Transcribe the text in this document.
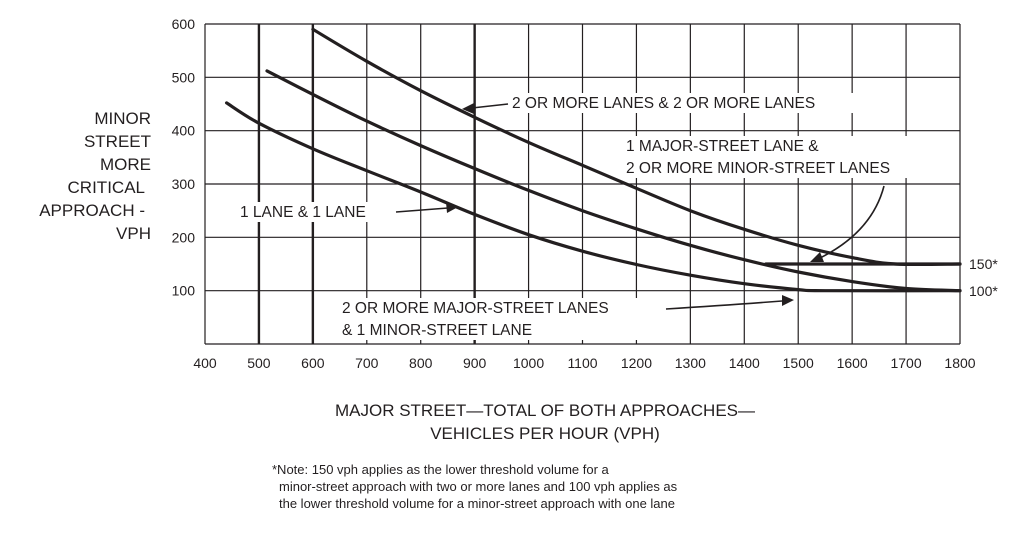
400 500 600 700 800 900 1000 1100 1200 1300 1400 1500 1600 1700 1800
100
200
300
400
500
600
MINOR
STREET
MORE
CRITICAL
APPROACH -
VPH
MAJOR STREET—TOTAL OF BOTH APPROACHES—
VEHICLES PER HOUR (VPH)
2 OR MORE LANES & 2 OR MORE LANES
1 MAJOR-STREET LANE &
2 OR MORE MINOR-STREET LANES
1 LANE & 1 LANE
2 OR MORE MAJOR-STREET LANES
& 1 MINOR-STREET LANE
150*
100*
*Note: 150 vph applies as the lower threshold volume for a
minor-street approach with two or more lanes and 100 vph applies as
the lower threshold volume for a minor-street approach with one lane
